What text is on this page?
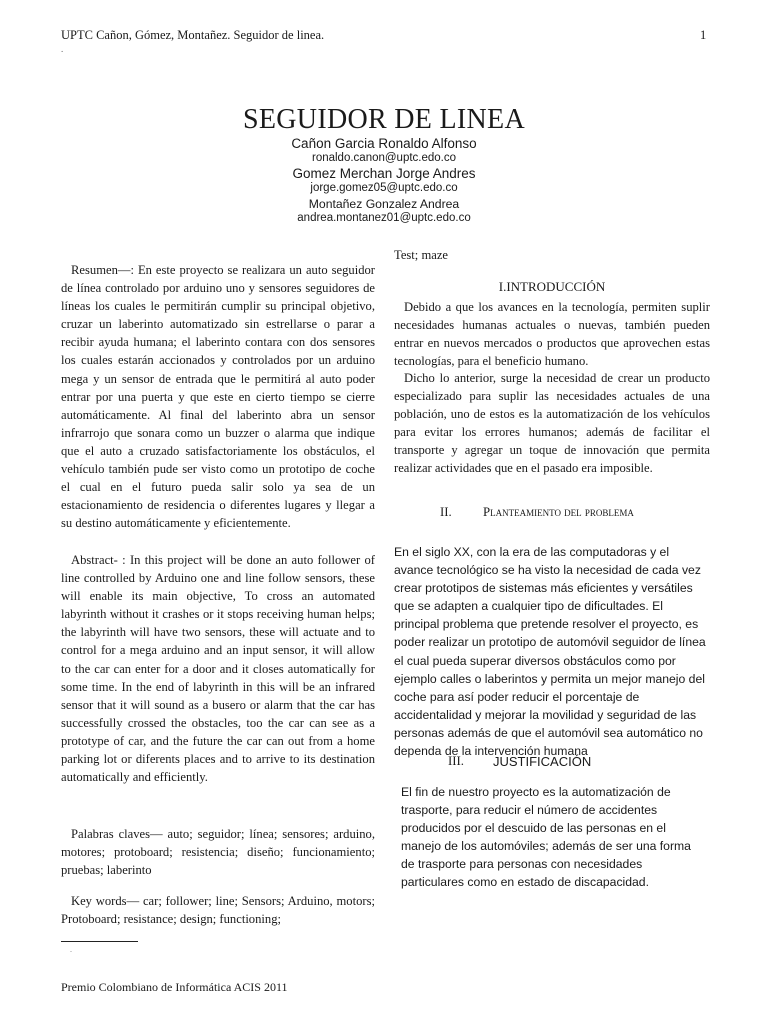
UPTC Cañon, Gómez, Montañez. Seguidor de linea.	1
.
SEGUIDOR DE LINEA
Cañon Garcia Ronaldo Alfonso
ronaldo.canon@uptc.edo.co
Gomez Merchan Jorge Andres
jorge.gomez05@uptc.edo.co
Montañez Gonzalez Andrea
andrea.montanez01@uptc.edo.co
Resumen—: En este proyecto se realizara un auto seguidor de línea controlado por arduino uno y sensores seguidores de líneas los cuales le permitirán cumplir su principal objetivo, cruzar un laberinto automatizado sin estrellarse o parar a recibir ayuda humana; el laberinto contara con dos sensores los cuales estarán accionados y controlados por un arduino mega y un sensor de entrada que le permitirá al auto poder entrar por una puerta y que este en cierto tiempo se cierre automáticamente. Al final del laberinto abra un sensor infrarrojo que sonara como un buzzer o alarma que indique que el auto a cruzado satisfactoriamente los obstáculos, el vehículo también pude ser visto como un prototipo de coche el cual en el futuro pueda salir solo ya sea de un estacionamiento de residencia o diferentes lugares y llegar a su destino automáticamente y eficientemente.
Abstract- : In this project will be done an auto follower of line controlled by Arduino one and line follow sensors, these will enable its main objective, To cross an automated labyrinth without it crashes or it stops receiving human helps; the labyrinth will have two sensors, these will actuate and to control for a mega arduino and an input sensor, it will allow to the car can enter for a door and it closes automatically for some time. In the end of labyrinth in this will be an infrared sensor that it will sound as a busero or alarm that the car has successfully crossed the obstacles, too the car can see as a prototype of car, and the future the car can out from a home parking lot or diferents places and to arrive to its destination automatically and efficiently.
Palabras claves— auto; seguidor; línea; sensores; arduino, motores; protoboard; resistencia; diseño; funcionamiento; pruebas; laberinto
Key words— car; follower; line; Sensors; Arduino, motors; Protoboard; resistance; design; functioning;
.
Test; maze
I.INTRODUCCIÓN
Debido a que los avances en la tecnología, permiten suplir necesidades humanas actuales o nuevas, también pueden entrar en nuevos mercados o productos que aprovechen estas tecnologías, para el beneficio humano.
Dicho lo anterior, surge la necesidad de crear un producto especializado para suplir las necesidades actuales de una población, uno de estos es la automatización de los vehículos para evitar los errores humanos; además de facilitar el transporte y agregar un toque de innovación que permita realizar actividades que en el pasado era imposible.
II. Planteamiento del problema
En el siglo XX, con la era de las computadoras y el avance tecnológico se ha visto la necesidad de cada vez crear prototipos de sistemas más eficientes y versátiles que se adapten a cualquier tipo de dificultades. El principal problema que pretende resolver el proyecto, es poder realizar un prototipo de automóvil seguidor de línea el cual pueda superar diversos obstáculos como por ejemplo calles o laberintos y permita un mejor manejo del coche para así poder reducir el porcentaje de accidentalidad y mejorar la movilidad y seguridad de las personas además de que el automóvil sea automático no dependa de la intervención humana
III. JUSTIFICACIÓN
El fin de nuestro proyecto es la automatización de trasporte, para reducir el número de accidentes producidos por el descuido de las personas en el manejo de los automóviles; además de ser una forma de trasporte para personas con necesidades particulares como en estado de discapacidad.
Premio Colombiano de Informática ACIS 2011
